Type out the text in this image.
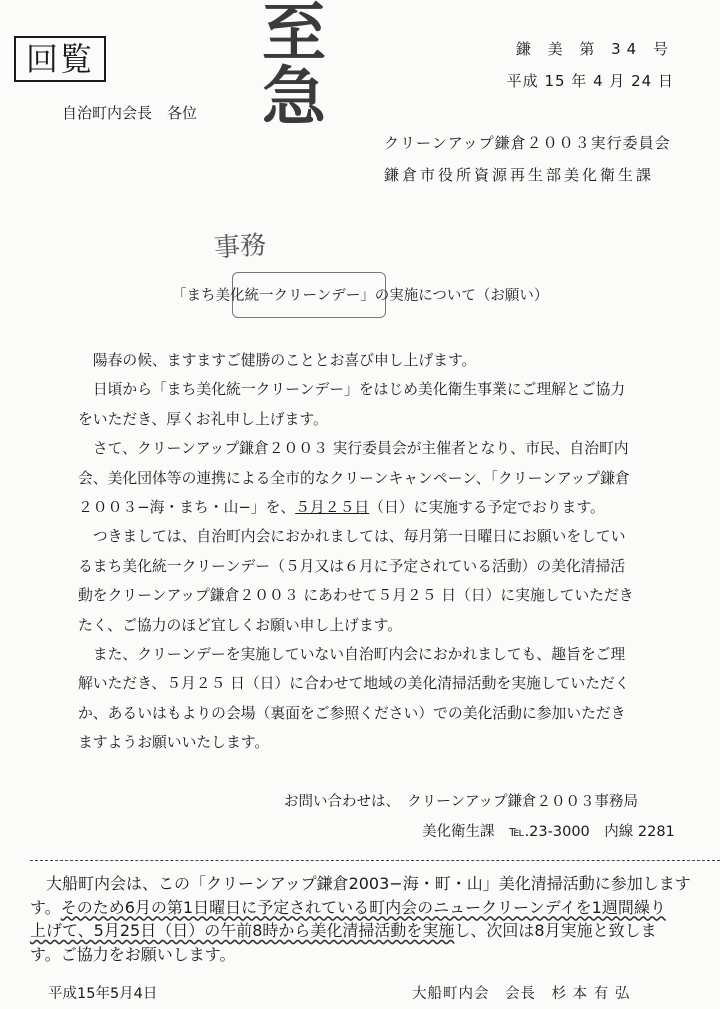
回覧	至
急
鎌 美 第 34 号
平成 15 年 4 月 24 日
自治町内会長　各位
クリーンアップ鎌倉２００３実行委員会
鎌倉市役所資源再生部美化衛生課
事務
「まち美化統一クリーンデー」の実施について（お願い）

　陽春の候、ますますご健勝のこととお喜び申し上げます。

　日頃から「まち美化統一クリーンデー」をはじめ美化衛生事業にご理解とご協力

をいただき、厚くお礼申し上げます。

　さて、クリーンアップ鎌倉２００３ 実行委員会が主催者となり、市民、自治町内

会、美化団体等の連携による全市的なクリーンキャンペーン、「クリーンアップ鎌倉

２００３−海・まち・山−」を、５月２５日（日）に実施する予定でおります。

　つきましては、自治町内会におかれましては、毎月第一日曜日にお願いをしてい

るまち美化統一クリーンデー（５月又は６月に予定されている活動）の美化清掃活

動をクリーンアップ鎌倉２００３ にあわせて５月２５ 日（日）に実施していただき

たく、ご協力のほど宜しくお願い申し上げます。

　また、クリーンデーを実施していない自治町内会におかれましても、趣旨をご理

解いただき、５月２５ 日（日）に合わせて地域の美化清掃活動を実施していただく

か、あるいはもよりの会場（裏面をご参照ください）での美化活動に参加いただき

ますようお願いいたします。

お問い合わせは、　クリーンアップ鎌倉２００３事務局
美化衛生課　℡.23-3000　内線 2281

　大船町内会は、この「クリーンアップ鎌倉2003−海・町・山」美化清掃活動に参加します

す。そのため6月の第1日曜日に予定されている町内会のニュークリーンデイを1週間繰り

上げて、5月25日（日）の午前8時から美化清掃活動を実施し、次回は8月実施と致しま

す。ご協力をお願いします。

平成15年5月4日	大船町内会　会長　杉 本 有 弘
